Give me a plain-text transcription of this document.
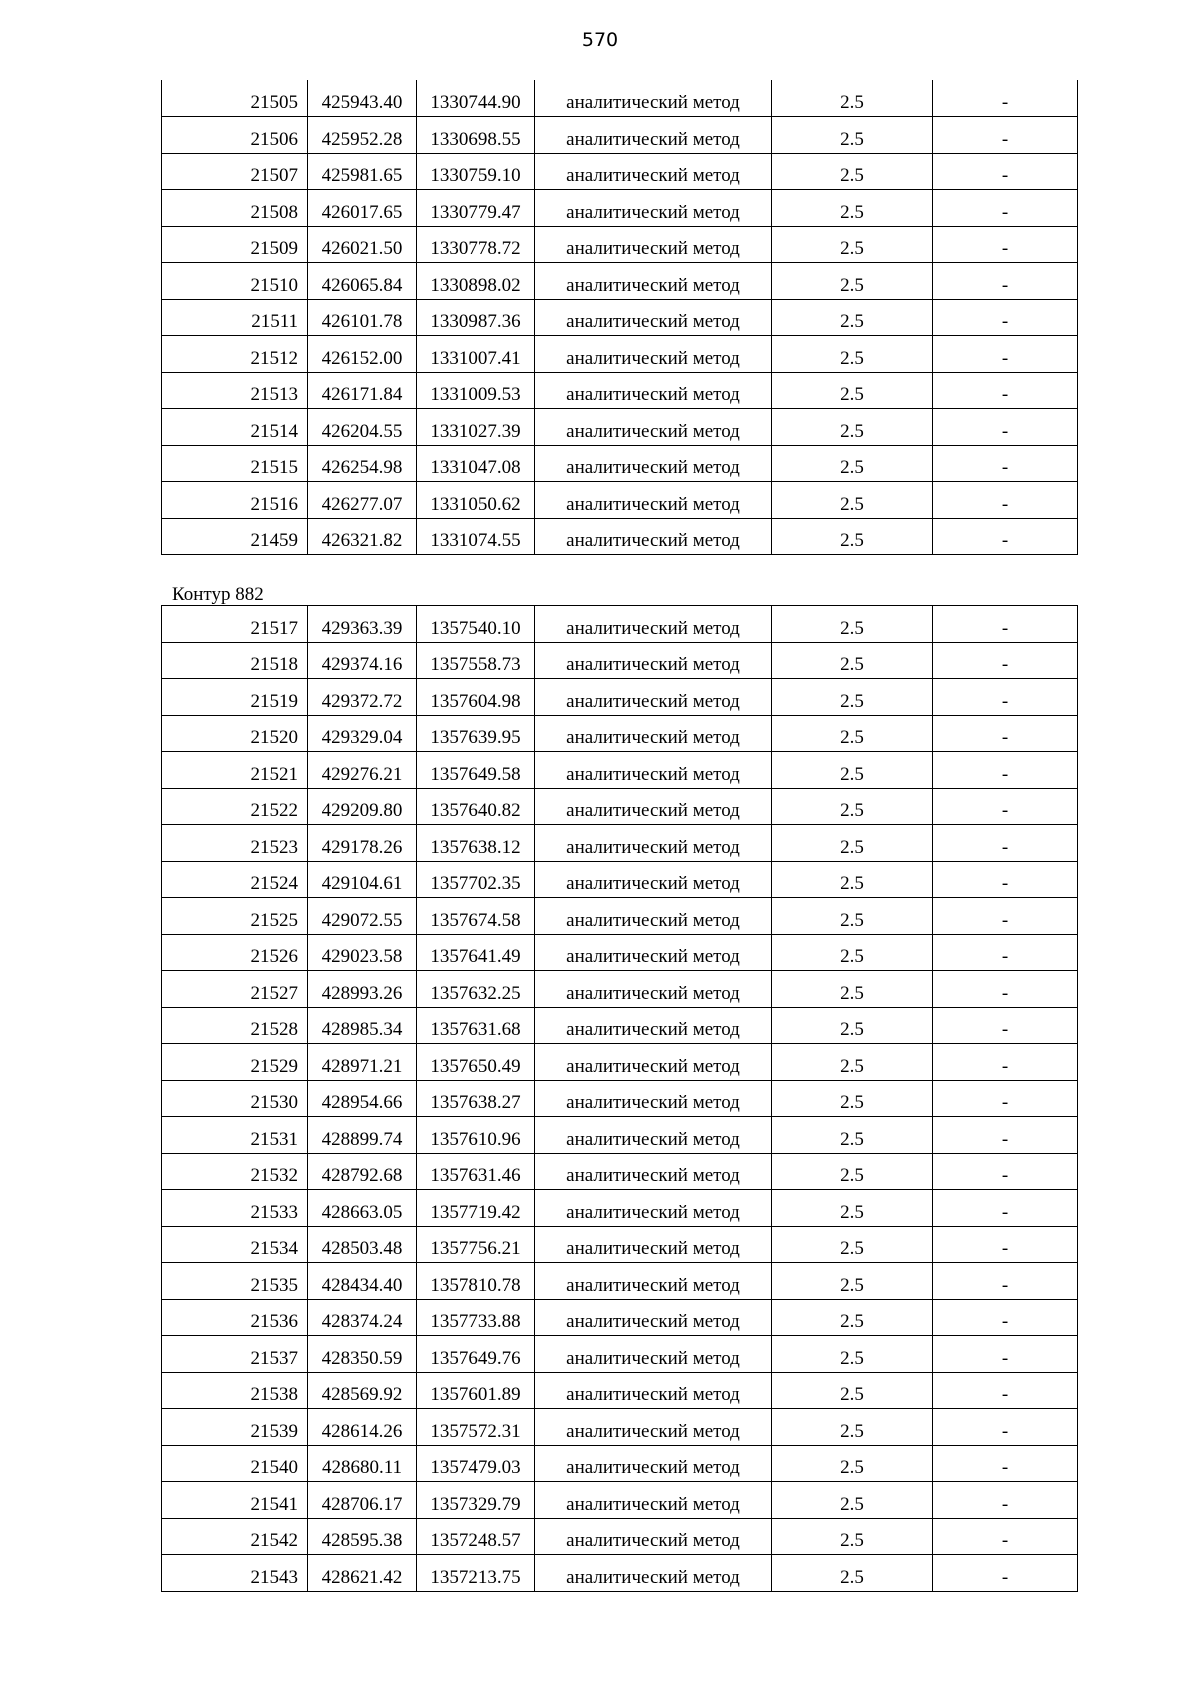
570
21505	425943.40	1330744.90	аналитический метод	2.5	-
21506	425952.28	1330698.55	аналитический метод	2.5	-
21507	425981.65	1330759.10	аналитический метод	2.5	-
21508	426017.65	1330779.47	аналитический метод	2.5	-
21509	426021.50	1330778.72	аналитический метод	2.5	-
21510	426065.84	1330898.02	аналитический метод	2.5	-
21511	426101.78	1330987.36	аналитический метод	2.5	-
21512	426152.00	1331007.41	аналитический метод	2.5	-
21513	426171.84	1331009.53	аналитический метод	2.5	-
21514	426204.55	1331027.39	аналитический метод	2.5	-
21515	426254.98	1331047.08	аналитический метод	2.5	-
21516	426277.07	1331050.62	аналитический метод	2.5	-
21459	426321.82	1331074.55	аналитический метод	2.5	-
Контур 882
21517	429363.39	1357540.10	аналитический метод	2.5	-
21518	429374.16	1357558.73	аналитический метод	2.5	-
21519	429372.72	1357604.98	аналитический метод	2.5	-
21520	429329.04	1357639.95	аналитический метод	2.5	-
21521	429276.21	1357649.58	аналитический метод	2.5	-
21522	429209.80	1357640.82	аналитический метод	2.5	-
21523	429178.26	1357638.12	аналитический метод	2.5	-
21524	429104.61	1357702.35	аналитический метод	2.5	-
21525	429072.55	1357674.58	аналитический метод	2.5	-
21526	429023.58	1357641.49	аналитический метод	2.5	-
21527	428993.26	1357632.25	аналитический метод	2.5	-
21528	428985.34	1357631.68	аналитический метод	2.5	-
21529	428971.21	1357650.49	аналитический метод	2.5	-
21530	428954.66	1357638.27	аналитический метод	2.5	-
21531	428899.74	1357610.96	аналитический метод	2.5	-
21532	428792.68	1357631.46	аналитический метод	2.5	-
21533	428663.05	1357719.42	аналитический метод	2.5	-
21534	428503.48	1357756.21	аналитический метод	2.5	-
21535	428434.40	1357810.78	аналитический метод	2.5	-
21536	428374.24	1357733.88	аналитический метод	2.5	-
21537	428350.59	1357649.76	аналитический метод	2.5	-
21538	428569.92	1357601.89	аналитический метод	2.5	-
21539	428614.26	1357572.31	аналитический метод	2.5	-
21540	428680.11	1357479.03	аналитический метод	2.5	-
21541	428706.17	1357329.79	аналитический метод	2.5	-
21542	428595.38	1357248.57	аналитический метод	2.5	-
21543	428621.42	1357213.75	аналитический метод	2.5	-
